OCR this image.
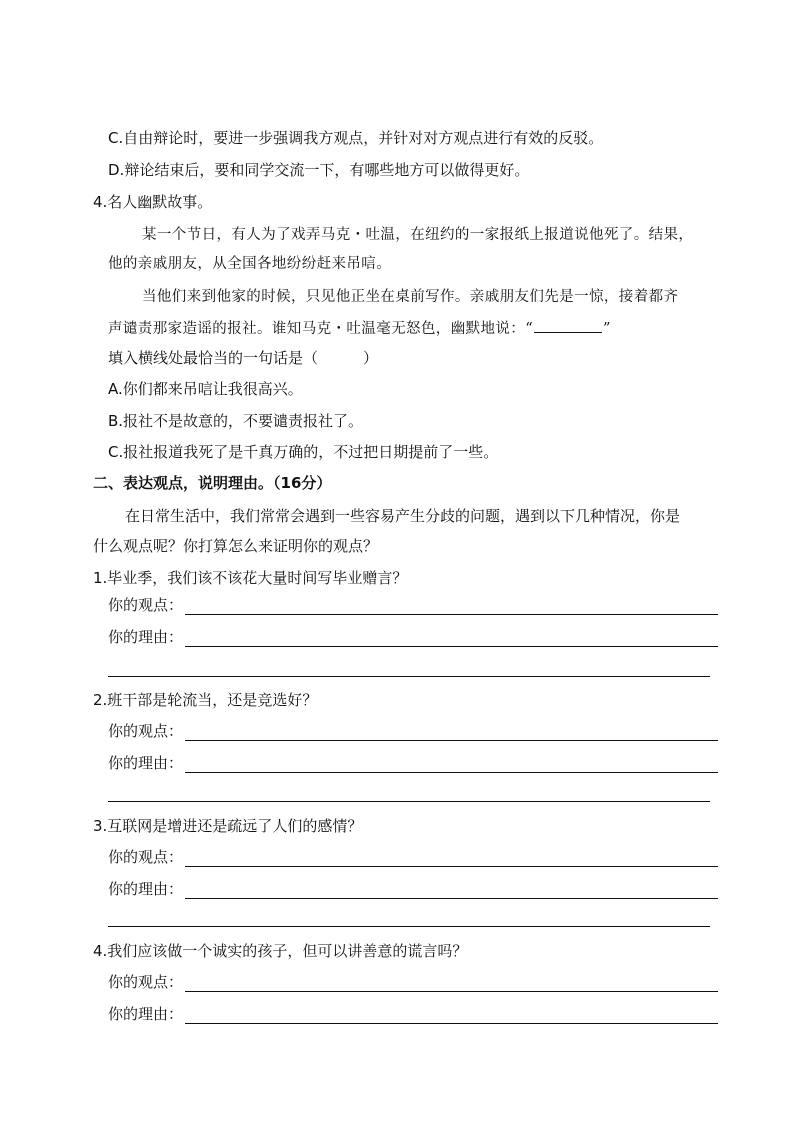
C.自由辩论时，要进一步强调我方观点，并针对对方观点进行有效的反驳。
D.辩论结束后，要和同学交流一下，有哪些地方可以做得更好。
4.名人幽默故事。
某一个节日，有人为了戏弄马克・吐温，在纽约的一家报纸上报道说他死了。结果，
他的亲戚朋友，从全国各地纷纷赶来吊唁。
当他们来到他家的时候，只见他正坐在桌前写作。亲戚朋友们先是一惊，接着都齐
声谴责那家造谣的报社。谁知马克・吐温毫无怒色，幽默地说：“	”
填入横线处最恰当的一句话是（　　　）
A.你们都来吊唁让我很高兴。
B.报社不是故意的，不要谴责报社了。
C.报社报道我死了是千真万确的，不过把日期提前了一些。
二、表达观点，说明理由。（16分）
在日常生活中，我们常常会遇到一些容易产生分歧的问题，遇到以下几种情况，你是
什么观点呢？你打算怎么来证明你的观点？
1.毕业季，我们该不该花大量时间写毕业赠言？
你的观点：
你的理由：
2.班干部是轮流当，还是竞选好？
你的观点：
你的理由：
3.互联网是增进还是疏远了人们的感情？
你的观点：
你的理由：
4.我们应该做一个诚实的孩子，但可以讲善意的谎言吗？
你的观点：
你的理由：
